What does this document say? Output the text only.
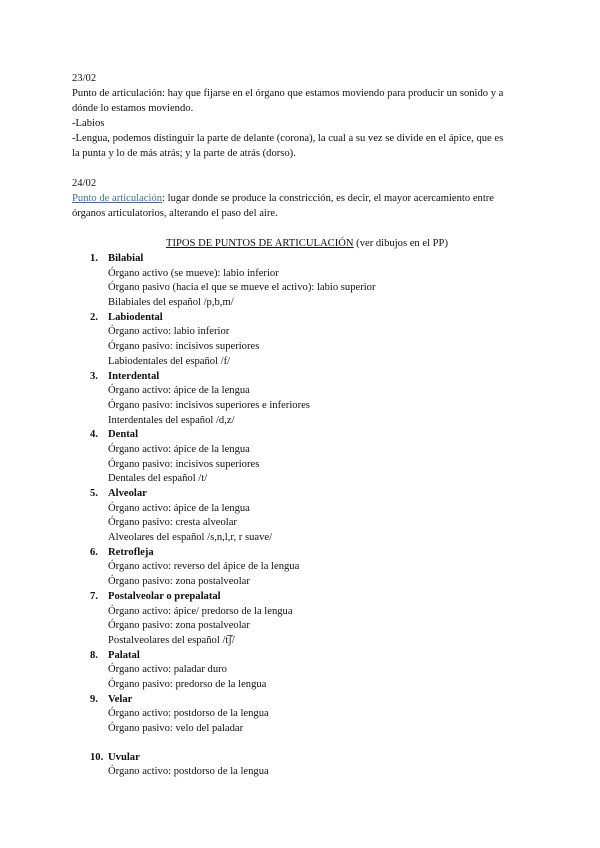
23/02
Punto de articulación: hay que fijarse en el órgano que estamos moviendo para producir un sonido y a
dónde lo estamos moviendo.
-Labios
-Lengua, podemos distinguir la parte de delante (corona), la cual a su vez se divide en el ápice, que es
la punta y lo de más atrás; y la parte de atrás (dorso).
24/02
Punto de articulación: lugar donde se produce la constricción, es decir, el mayor acercamiento entre
órganos articulatorios, alterando el paso del aire.
TIPOS DE PUNTOS DE ARTICULACIÓN (ver dibujos en el PP)
1. Bilabial
Órgano activo (se mueve): labio inferior
Órgano pasivo (hacia el que se mueve el activo): labio superior
Bilabiales del español /p,b,m/
2. Labiodental
Órgano activo: labio inferior
Órgano pasivo: incisivos superiores
Labiodentales del español /f/
3. Interdental
Órgano activo: ápice de la lengua
Órgano pasivo: incisivos superiores e inferiores
Interdentales del español /d,z/
4. Dental
Órgano activo: ápice de la lengua
Órgano pasivo: incisivos superiores
Dentales del español /t/
5. Alveolar
Órgano activo: ápice de la lengua
Órgano pasivo: cresta alveolar
Alveolares del español /s,n,l,r, r suave/
6. Retrofleja
Órgano activo: reverso del ápice de la lengua
Órgano pasivo: zona postalveolar
7. Postalveolar o prepalatal
Órgano activo: ápice/ predorso de la lengua
Órgano pasivo: zona postalveolar
Postalveolares del español /t͡ʃ/
8. Palatal
Órgano activo: paladar duro
Órgano pasivo: predorso de la lengua
9. Velar
Órgano activo: postdorso de la lengua
Órgano pasivo: velo del paladar
10. Uvular
Órgano activo: postdorso de la lengua
